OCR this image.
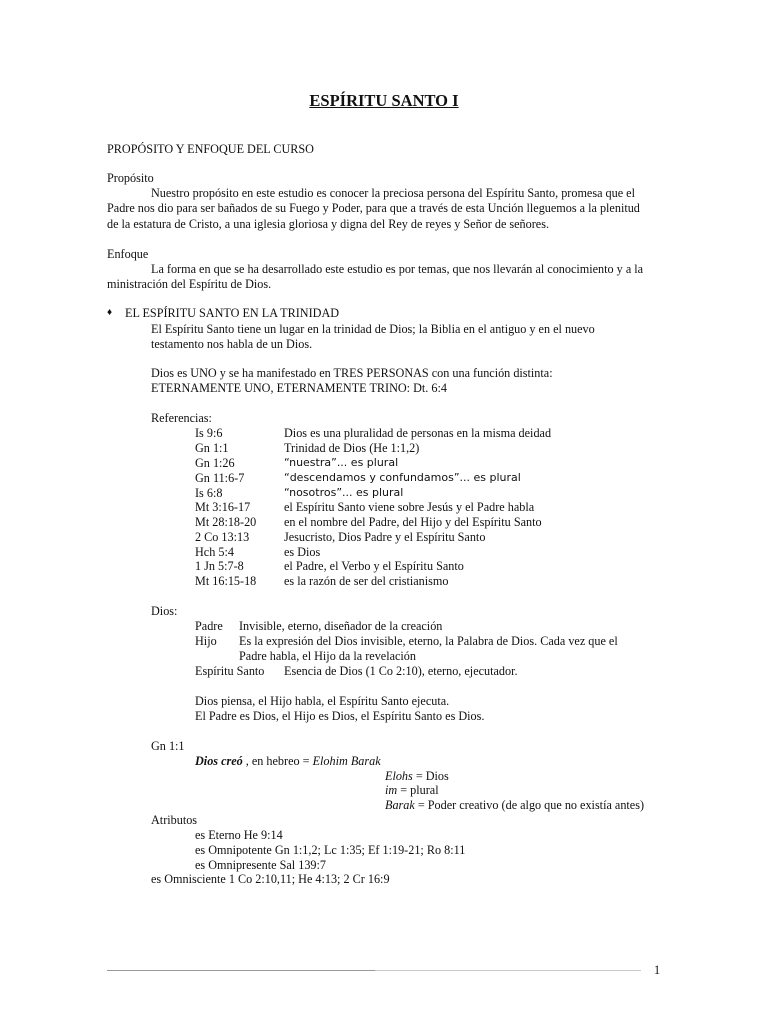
ESPÍRITU SANTO I
PROPÓSITO Y ENFOQUE DEL CURSO
Propósito
Nuestro propósito en este estudio es conocer la preciosa persona del Espíritu Santo, promesa que el
Padre nos dio para ser bañados de su Fuego y Poder, para que a través de esta Unción lleguemos a la plenitud
de la estatura de Cristo, a una iglesia gloriosa y digna del Rey de reyes y Señor de señores.
Enfoque
La forma en que se ha desarrollado este estudio es por temas, que nos llevarán al conocimiento y a la
ministración del Espíritu de Dios.
♦ EL ESPÍRITU SANTO EN LA TRINIDAD
El Espíritu Santo tiene un lugar en la trinidad de Dios; la Biblia en el antiguo y en el nuevo
testamento nos habla de un Dios.
Dios es UNO y se ha manifestado en TRES PERSONAS con una función distinta:
ETERNAMENTE UNO, ETERNAMENTE TRINO: Dt. 6:4
Referencias:
Is 9:6	Dios es una pluralidad de personas en la misma deidad
Gn 1:1	Trinidad de Dios (He 1:1,2)
Gn 1:26	“nuestra”... es plural
Gn 11:6-7	“descendamos y confundamos”... es plural
Is 6:8	“nosotros”... es plural
Mt 3:16-17	el Espíritu Santo viene sobre Jesús y el Padre habla
Mt 28:18-20 en el nombre del Padre, del Hijo y del Espíritu Santo
2 Co 13:13	Jesucristo, Dios Padre y el Espíritu Santo
Hch 5:4	es Dios
1 Jn 5:7-8	el Padre, el Verbo y el Espíritu Santo
Mt 16:15-18 es la razón de ser del cristianismo
Dios:
Padre Invisible, eterno, diseñador de la creación
Hijo Es la expresión del Dios invisible, eterno, la Palabra de Dios. Cada vez que el
Padre habla, el Hijo da la revelación
Espíritu Santo Esencia de Dios (1 Co 2:10), eterno, ejecutador.
Dios piensa, el Hijo habla, el Espíritu Santo ejecuta.
El Padre es Dios, el Hijo es Dios, el Espíritu Santo es Dios.
Gn 1:1
Dios creó , en hebreo = Elohim Barak
Elohs = Dios
im = plural
Barak = Poder creativo (de algo que no existía antes)
Atributos
es Eterno He 9:14
es Omnipotente Gn 1:1,2; Lc 1:35; Ef 1:19-21; Ro 8:11
es Omnipresente Sal 139:7
es Omnisciente 1 Co 2:10,11; He 4:13; 2 Cr 16:9
1
